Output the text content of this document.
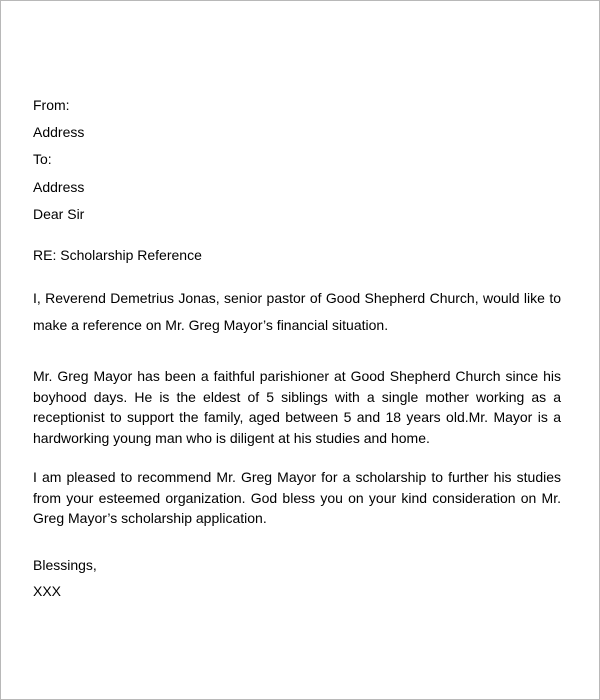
From:
Address
To:
Address
Dear Sir
RE: Scholarship Reference
I, Reverend Demetrius Jonas, senior pastor of Good Shepherd Church, would like to make a reference on Mr. Greg Mayor’s financial situation.
Mr. Greg Mayor has been a faithful parishioner at Good Shepherd Church since his boyhood days. He is the eldest of 5 siblings with a single mother working as a receptionist to support the family, aged between 5 and 18 years old.Mr. Mayor is a hardworking young man who is diligent at his studies and home.
I am pleased to recommend Mr. Greg Mayor for a scholarship to further his studies from your esteemed organization. God bless you on your kind consideration on Mr. Greg Mayor’s scholarship application.
Blessings,
XXX
